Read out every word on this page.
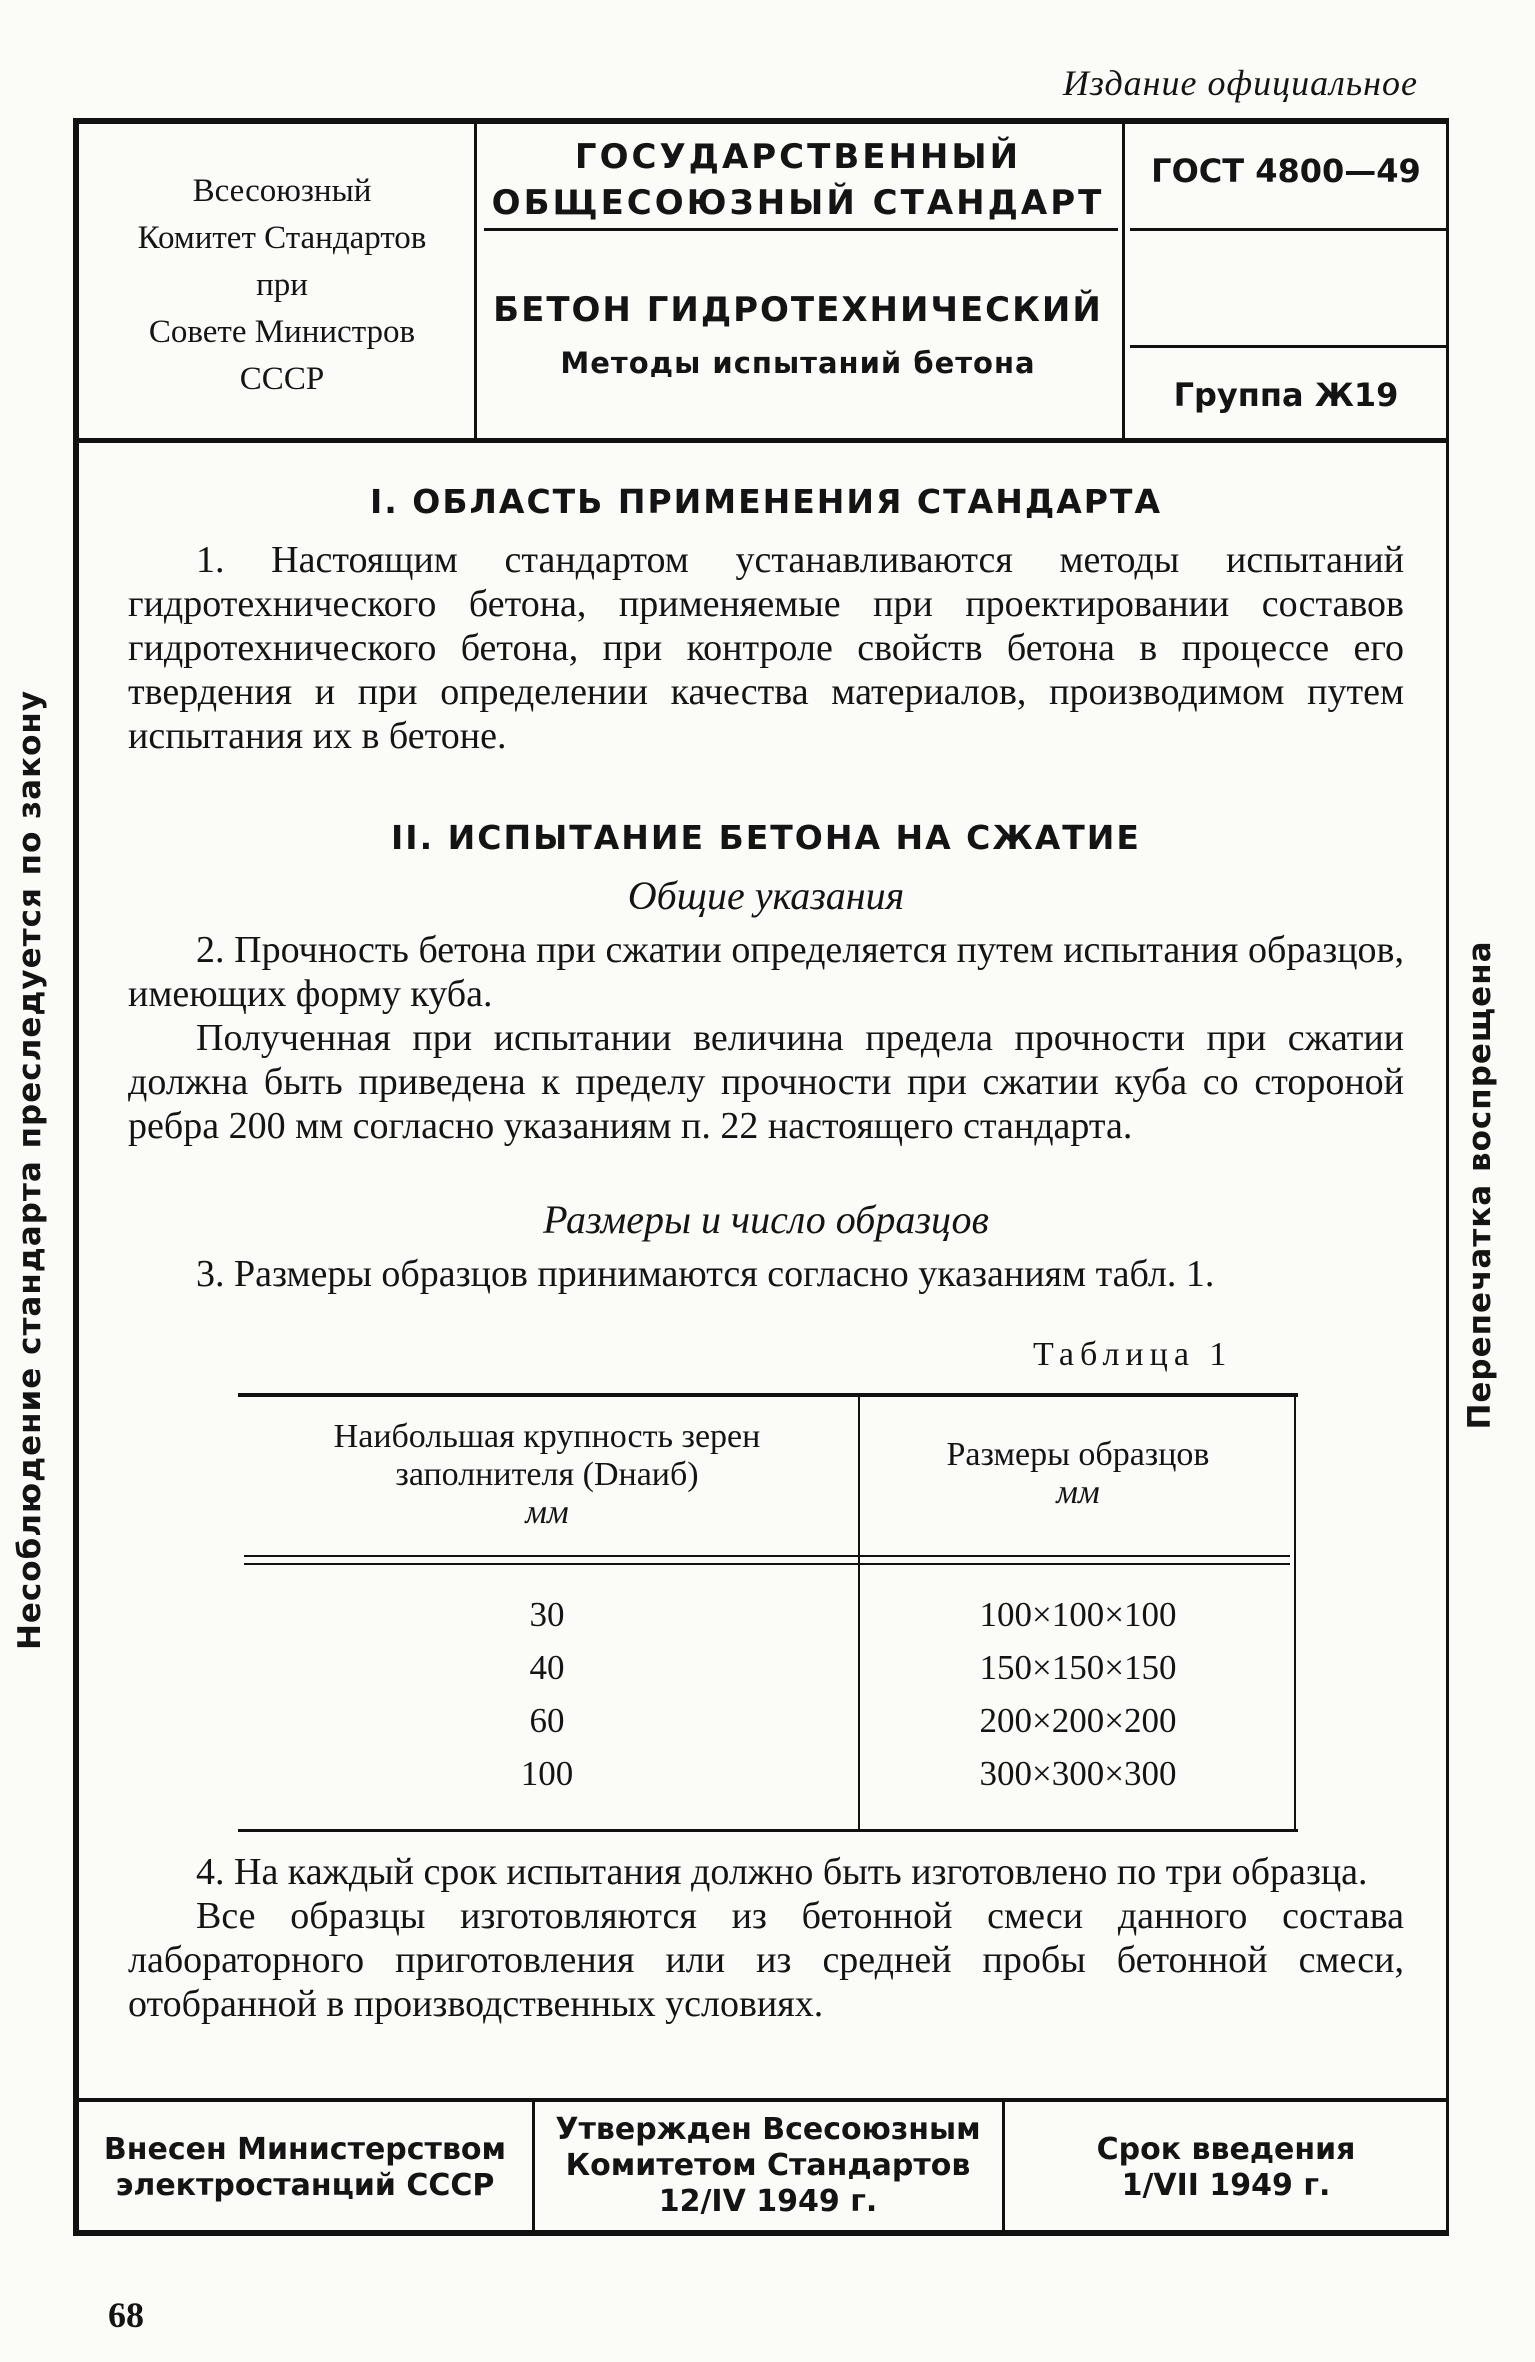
Издание официальное
Всесоюзный
Комитет Стандартов
при
Совете Министров
СССР
ГОСУДАРСТВЕННЫЙ
ОБЩЕСОЮЗНЫЙ СТАНДАРТ
БЕТОН ГИДРОТЕХНИЧЕСКИЙ
Методы испытаний бетона
ГОСТ 4800—49
Группа Ж19
Несоблюдение стандарта преследуется по закону	Перепечатка воспрещена
I. ОБЛАСТЬ ПРИМЕНЕНИЯ СТАНДАРТА

1. Настоящим стандартом устанавливаются методы испытаний гидротехнического бетона, применяемые при проектировании составов гидротехнического бетона, при контроле свойств бетона в процессе его твердения и при определении качества материалов, производимом путем испытания их в бетоне.

II. ИСПЫТАНИЕ БЕТОНА НА СЖАТИЕ
Общие указания

2. Прочность бетона при сжатии определяется путем испытания образцов, имеющих форму куба.

Полученная при испытании величина предела прочности при сжатии должна быть приведена к пределу прочности при сжатии куба со стороной ребра 200 мм согласно указаниям п. 22 настоящего стандарта.

Размеры и число образцов

3. Размеры образцов принимаются согласно указаниям табл. 1.

Таблица 1
Наибольшая крупность зерен
заполнителя (Dнаиб)
мм
Размеры образцов
мм
30
40
60
100
100×100×100
150×150×150
200×200×200
300×300×300

4. На каждый срок испытания должно быть изготовлено по три образца.

Все образцы изготовляются из бетонной смеси данного состава лабораторного приготовления или из средней пробы бетонной смеси, отобранной в производственных условиях.

Внесен Министерством
электростанций СССР
Утвержден Всесоюзным
Комитетом Стандартов
12/IV 1949 г.
Срок введения
1/VII 1949 г.
68
